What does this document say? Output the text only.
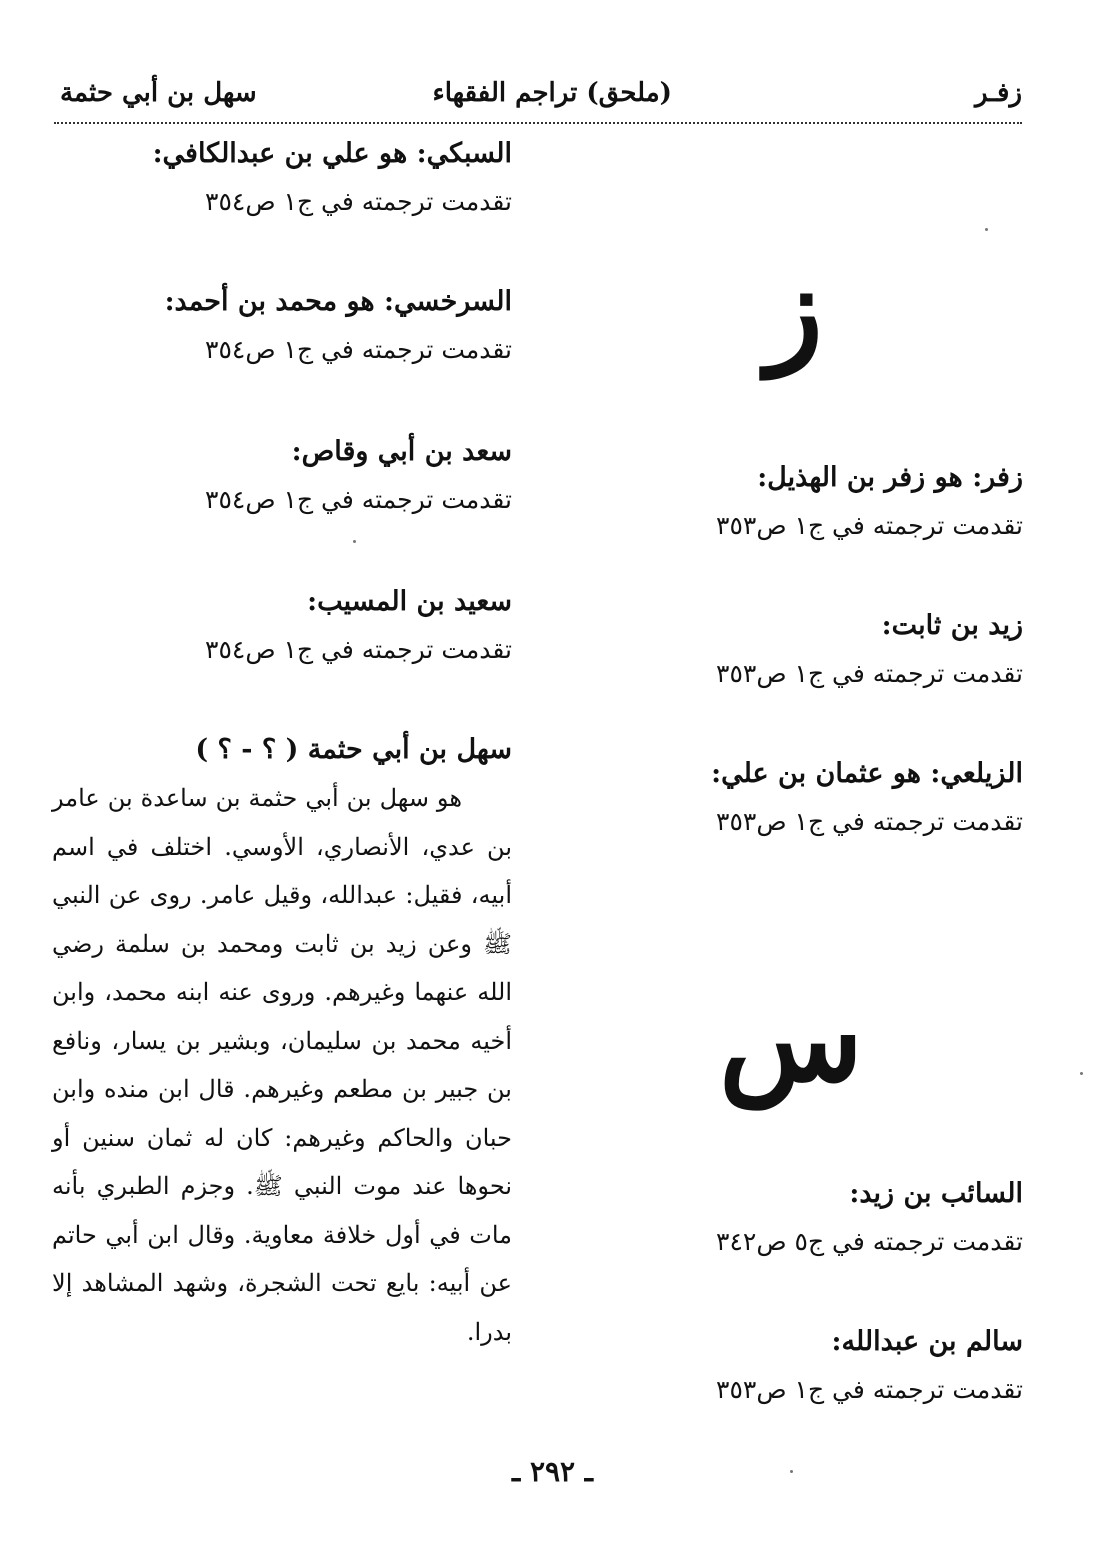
زفـر
(ملحق) تراجم الفقهاء
سهل بن أبي حثمة
ز
زفر: هو زفر بن الهذيل:
تقدمت ترجمته في ج١ ص٣٥٣
زيد بن ثابت:
تقدمت ترجمته في ج١ ص٣٥٣
الزيلعي: هو عثمان بن علي:
تقدمت ترجمته في ج١ ص٣٥٣
س
السائب بن زيد:
تقدمت ترجمته في ج٥ ص٣٤٢
سالم بن عبدالله:
تقدمت ترجمته في ج١ ص٣٥٣
السبكي: هو علي بن عبدالكافي:
تقدمت ترجمته في ج١ ص٣٥٤
السرخسي: هو محمد بن أحمد:
تقدمت ترجمته في ج١ ص٣٥٤
سعد بن أبي وقاص:
تقدمت ترجمته في ج١ ص٣٥٤
سعيد بن المسيب:
تقدمت ترجمته في ج١ ص٣٥٤
سهل بن أبي حثمة ( ؟ - ؟ )

هو سهل بن أبي حثمة بن ساعدة بن عامر بن عدي، الأنصاري، الأوسي. اختلف في اسم أبيه، فقيل: عبدالله، وقيل عامر. روى عن النبي ﷺ وعن زيد بن ثابت ومحمد بن سلمة رضي الله عنهما وغيرهم. وروى عنه ابنه محمد، وابن أخيه محمد بن سليمان، وبشير بن يسار، ونافع بن جبير بن مطعم وغيرهم. قال ابن منده وابن حبان والحاكم وغيرهم: كان له ثمان سنين أو نحوها عند موت النبي ﷺ. وجزم الطبري بأنه مات في أول خلافة معاوية. وقال ابن أبي حاتم عن أبيه: بايع تحت الشجرة، وشهد المشاهد إلا بدرا.

ـ ٢٩٢ ـ
